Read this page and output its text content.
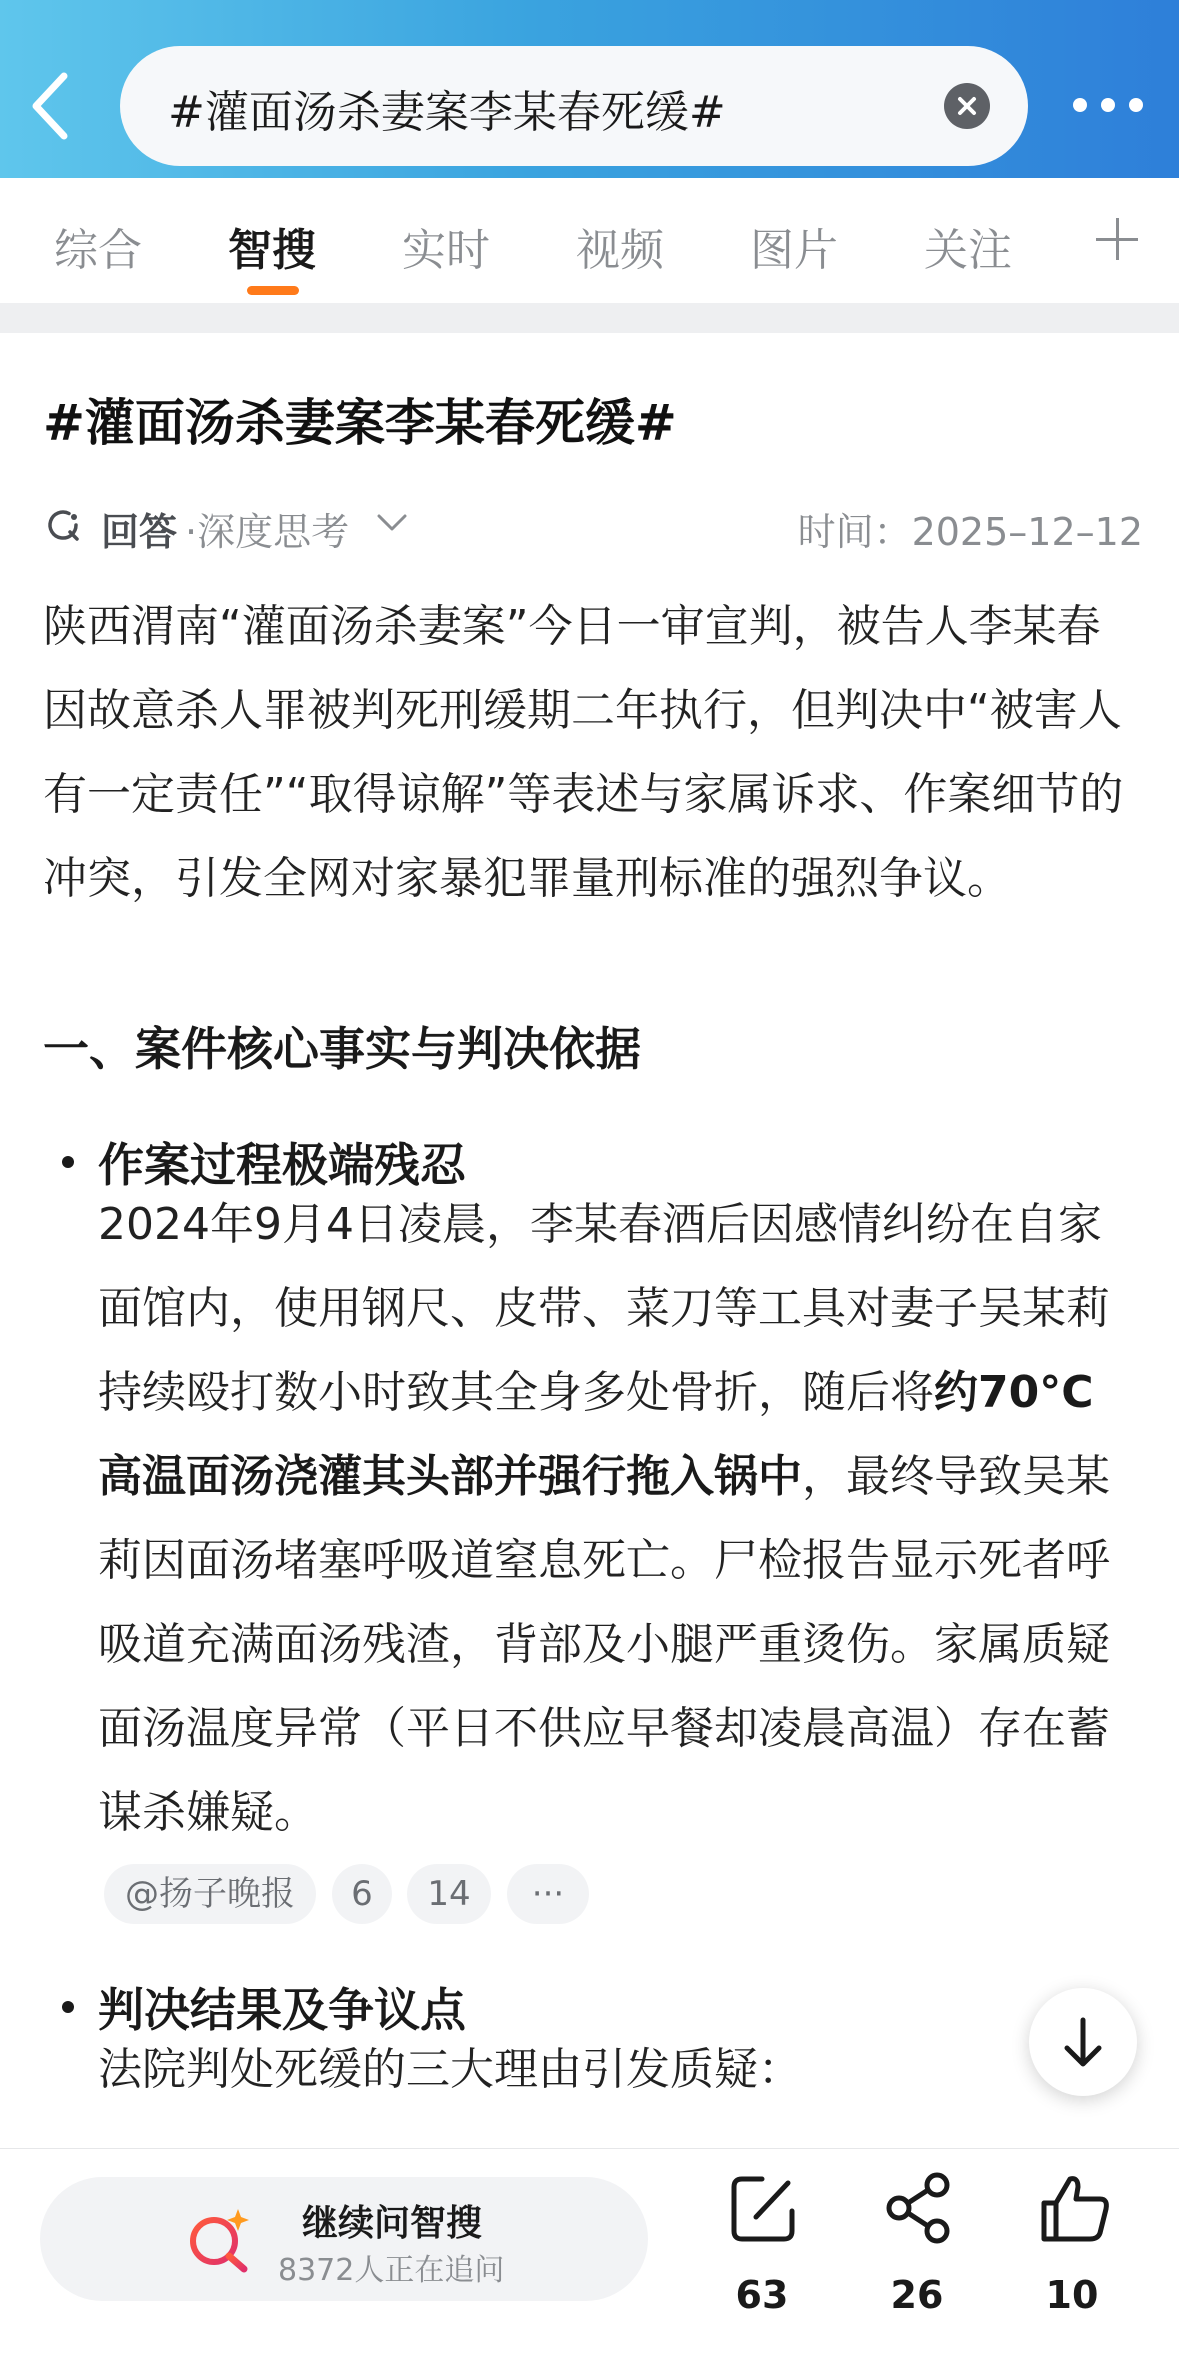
#灌面汤杀妻案李某春死缓#
综合 智搜 实时 视频 图片 关注
#灌面汤杀妻案李某春死缓#
回答 ·深度思考	时间：2025–12–12
陕西渭南“灌面汤杀妻案”今日一审宣判，被告人李某春因故意杀人罪被判死刑缓期二年执行，但判决中“被害人有一定责任”“取得谅解”等表述与家属诉求、作案细节的冲突，引发全网对家暴犯罪量刑标准的强烈争议。
一、案件核心事实与判决依据
作案过程极端残忍
2024年9月4日凌晨，李某春酒后因感情纠纷在自家面馆内，使用钢尺、皮带、菜刀等工具对妻子吴某莉持续殴打数小时致其全身多处骨折，随后将约70°C高温面汤浇灌其头部并强行拖入锅中，最终导致吴某莉因面汤堵塞呼吸道窒息死亡。尸检报告显示死者呼吸道充满面汤残渣，背部及小腿严重烫伤。家属质疑面汤温度异常（平日不供应早餐却凌晨高温）存在蓄谋杀嫌疑。
@扬子晚报	6	14	···
判决结果及争议点
法院判处死缓的三大理由引发质疑：
继续问智搜
8372人正在追问
63	26	10
